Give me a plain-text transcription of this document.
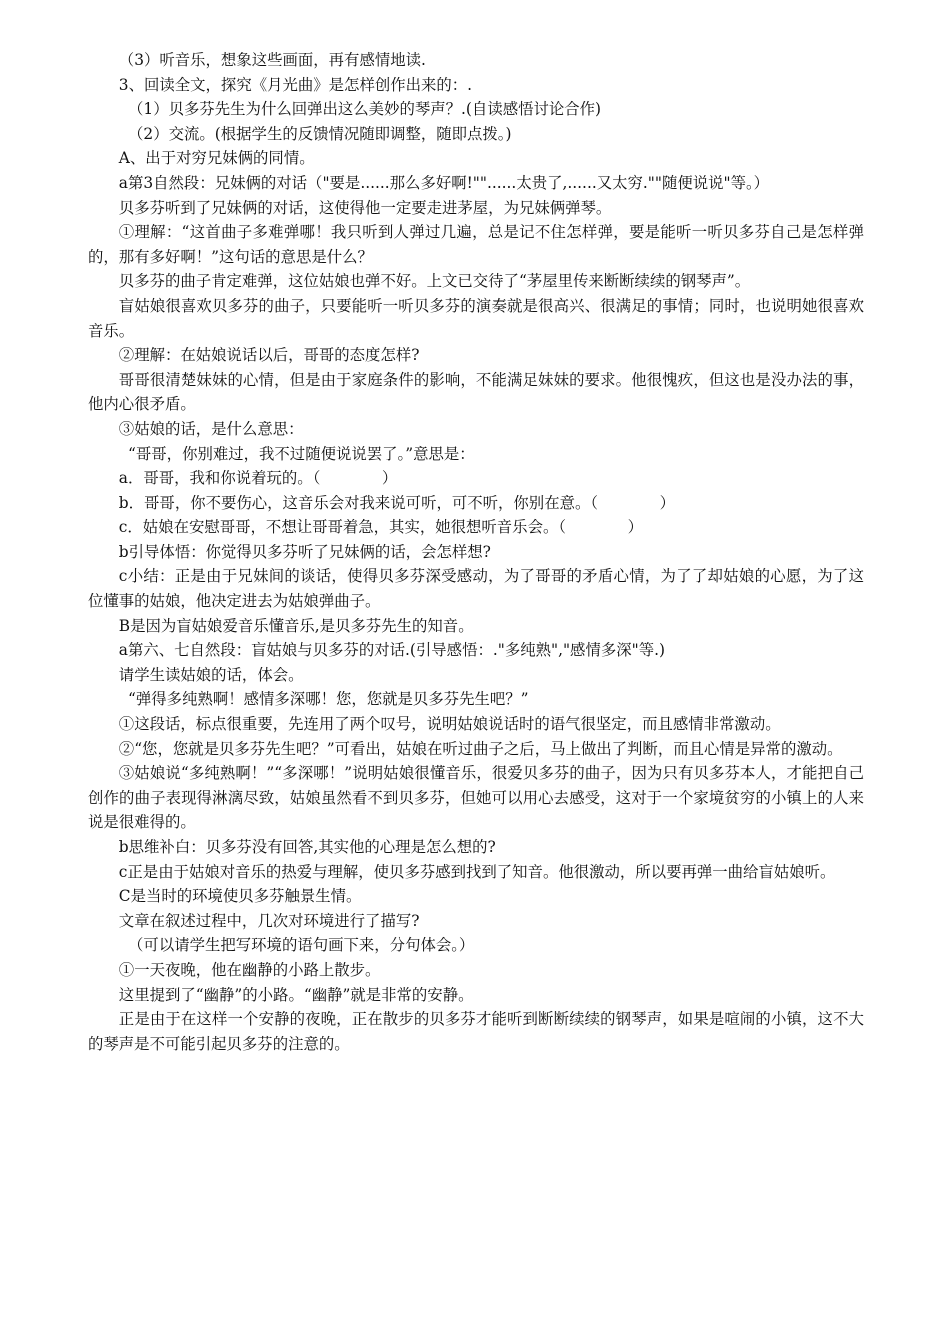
（3）听音乐，想象这些画面，再有感情地读.

3、回读全文，探究《月光曲》是怎样创作出来的：.

（1）贝多芬先生为什么回弹出这么美妙的琴声？.(自读感悟讨论合作)

（2）交流。(根据学生的反馈情况随即调整，随即点拨。)

A、出于对穷兄妹俩的同情。

a第3自然段：兄妹俩的对话（"要是......那么多好啊!""......太贵了,......又太穷.""随便说说"等。）

贝多芬听到了兄妹俩的对话，这使得他一定要走进茅屋，为兄妹俩弹琴。

①理解：“这首曲子多难弹哪！我只听到人弹过几遍，总是记不住怎样弹，要是能听一听贝多芬自己是怎样弹的，那有多好啊！”这句话的意思是什么？

贝多芬的曲子肯定难弹，这位姑娘也弹不好。上文已交待了“茅屋里传来断断续续的钢琴声”。

盲姑娘很喜欢贝多芬的曲子，只要能听一听贝多芬的演奏就是很高兴、很满足的事情；同时，也说明她很喜欢音乐。

②理解：在姑娘说话以后，哥哥的态度怎样?

哥哥很清楚妹妹的心情，但是由于家庭条件的影响，不能满足妹妹的要求。他很愧疚，但这也是没办法的事，他内心很矛盾。

③姑娘的话，是什么意思：

“哥哥，你别难过，我不过随便说说罢了。”意思是：

a．哥哥，我和你说着玩的。（　　　　）

b．哥哥，你不要伤心，这音乐会对我来说可听，可不听，你别在意。（　　　　）

c．姑娘在安慰哥哥，不想让哥哥着急，其实，她很想听音乐会。（　　　　）

b引导体悟：你觉得贝多芬听了兄妹俩的话，会怎样想?

c小结：正是由于兄妹间的谈话，使得贝多芬深受感动，为了哥哥的矛盾心情，为了了却姑娘的心愿，为了这位懂事的姑娘，他决定进去为姑娘弹曲子。

B是因为盲姑娘爱音乐懂音乐,是贝多芬先生的知音。

a第六、七自然段：盲姑娘与贝多芬的对话.(引导感悟：."多纯熟","感情多深"等.)

请学生读姑娘的话，体会。

“弹得多纯熟啊！感情多深哪！您，您就是贝多芬先生吧？”

①这段话，标点很重要，先连用了两个叹号，说明姑娘说话时的语气很坚定，而且感情非常激动。

②“您，您就是贝多芬先生吧？”可看出，姑娘在听过曲子之后，马上做出了判断，而且心情是异常的激动。

③姑娘说“多纯熟啊！”“多深哪！”说明姑娘很懂音乐，很爱贝多芬的曲子，因为只有贝多芬本人，才能把自己创作的曲子表现得淋漓尽致，姑娘虽然看不到贝多芬，但她可以用心去感受，这对于一个家境贫穷的小镇上的人来说是很难得的。

b思维补白：贝多芬没有回答,其实他的心理是怎么想的?

c正是由于姑娘对音乐的热爱与理解，使贝多芬感到找到了知音。他很激动，所以要再弹一曲给盲姑娘听。

C是当时的环境使贝多芬触景生情。

文章在叙述过程中，几次对环境进行了描写?

（可以请学生把写环境的语句画下来，分句体会。）

①一天夜晚，他在幽静的小路上散步。

这里提到了“幽静”的小路。“幽静”就是非常的安静。

正是由于在这样一个安静的夜晚，正在散步的贝多芬才能听到断断续续的钢琴声，如果是喧闹的小镇，这不大的琴声是不可能引起贝多芬的注意的。
